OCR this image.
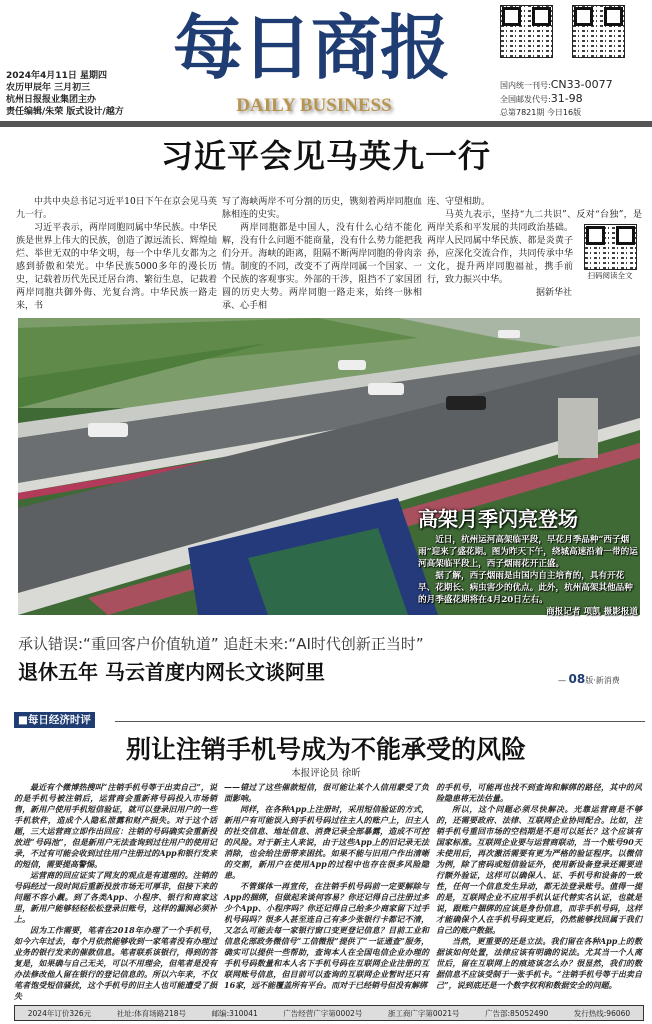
2024年4月11日 星期四
农历甲辰年 三月初三
杭州日报报业集团主办
责任编辑/朱荣 版式设计/越方
每日商报
DAILY BUSINESS
国内统一刊号:CN33-0077
全国邮发代号:31-98
总第7821期 今日16版
习近平会见马英九一行

中共中央总书记习近平10日下午在京会见马英九一行。

习近平表示，两岸同胞同属中华民族。中华民族是世界上伟大的民族，创造了源远流长、辉煌灿烂、举世无双的中华文明，每一个中华儿女都为之感到骄傲和荣光。中华民族5000多年的漫长历史，记载着历代先民迁居台湾、繁衍生息，记载着两岸同胞共御外侮、光复台湾。中华民族一路走来，书

写了海峡两岸不可分割的历史，镌刻着两岸同胞血脉相连的史实。

两岸同胞都是中国人，没有什么心结不能化解，没有什么问题不能商量，没有什么势力能把我们分开。海峡的距离，阻隔不断两岸同胞的骨肉亲情。制度的不同，改变不了两岸同属一个国家、一个民族的客观事实。外部的干涉，阻挡不了家国团圆的历史大势。两岸同胞一路走来，始终一脉相承、心手相

扫码阅读全文

连、守望相助。

马英九表示，坚持“九二共识”、反对“台独”，是两岸关系和平发展的共同政治基础。两岸人民同属中华民族、都是炎黄子孙，应深化交流合作，共同传承中华文化，提升两岸同胞福祉，携手前行，致力振兴中华。

据新华社
高架月季闪亮登场

近日，杭州运河高架临平段，早花月季品种“西子烟雨”迎来了盛花期。图为昨天下午，绕城高速沿着一带的运河高架临平段上，西子烟雨花开正盛。

据了解，西子烟雨是由国内自主培育的，具有开花早、花期长、病虫害少的优点。此外，杭州高架其他品种的月季盛花期将在4月20日左右。

商报记者 项凯 摄影报道
承认错误:“重回客户价值轨道” 追赶未来:“AI时代创新正当时”
退休五年 马云首度内网长文谈阿里	— 08版·新消费
■每日经济时评
别让注销手机号成为不能承受的风险
本报评论员 徐昕

最近有个微博热搜叫“注销手机号等于出卖自己”，说的是手机号被注销后，运营商会重新将号码投入市场销售，新用户使用手机短信验证，就可以登录旧用户的一些手机软件，造成个人隐私泄露和财产损失。对于这个话题，三大运营商立即作出回应：注销的号码确实会重新投放进“号码池”，但是新用户无法查询到过往用户的使用记录，不过有可能会收到过往用户注册过的App和银行发来的短信，需要提高警惕。

运营商的回应证实了网友的观点是有道理的。注销的号码经过一段时间后重新投放市场无可厚非，但接下来的问题不容小觑。到了各类App、小程序、银行和商家这里，新用户能够轻轻松松登录旧账号，这样的漏洞必须补上。

因为工作需要，笔者在2018年办理了一个手机号，如今六年过去，每个月依然能够收到一家笔者没有办理过业务的银行发来的催款信息。笔者联系该银行，得到的答复是，如果确与自己无关，可以不用理会，但笔者是没有办法修改他人留在银行的登记信息的。所以六年来，不仅笔者饱受短信骚扰，这个手机号的旧主人也可能遭受了损失

——错过了这些催款短信，很可能让某个人信用蒙受了负面影响。

同样，在各种App上注册时，采用短信验证的方式，新用户有可能误入到手机号码过往主人的账户上，旧主人的社交信息、地址信息、消费记录全部暴露，造成不可控的风险。对于新主人来说，由于这些App上的旧记录无法消除，也会给注册带来困扰。如果不能与旧用户作出清晰的交割，新用户在使用App的过程中也存在很多风险隐患。

不管媒体一再宣传，在注销手机号码前一定要解除与App的捆绑，但做起来谈何容易？你还记得自己注册过多少个App、小程序吗？你还记得自己给多少商家留下过手机号码吗？很多人甚至连自己有多少张银行卡都记不清，又怎么可能去每一家银行窗口变更登记信息？目前工业和信息化部政务微信号“工信微报”提供了“一证通查”服务，确实可以提供一些帮助，查询本人在全国电信企业办理的手机号码数量和本人名下手机号码在互联网企业注册的互联网账号信息，但目前可以查询的互联网企业暂时还只有16家，远不能覆盖所有平台。而对于已经销号但没有解绑

的手机号，可能再也找不到查询和解绑的路径，其中的风险隐患将无法估量。

所以，这个问题必须尽快解决。光靠运营商是不够的，还需要政府、法律、互联网企业协同配合。比如，注销手机号重回市场的空档期是不是可以延长？这个应该有国家标准。互联网企业要与运营商联动，当一个账号90天未使用后，再次激活需要有更为严格的验证程序。以微信为例，除了密码或短信验证外，使用新设备登录还需要进行额外验证，这样可以确保人、证、手机号和设备的一致性，任何一个信息发生异动，都无法登录账号。值得一提的是，互联网企业不应用手机认证代替实名认证，也就是说，跟账户捆绑的应该是身份信息，而非手机号码，这样才能确保个人在手机号码变更后，仍然能够找回属于我们自己的账户数据。

当然，更重要的还是立法。我们留在各种App上的数据该如何处置，法律应该有明确的说法。尤其当一个人离世后，留在互联网上的痕迹该怎么办？很显然，我们的数据信息不应该受制于一张手机卡。“注销手机号等于出卖自己”，说到底还是一个数字权利和数据安全的问题。

2024年订价326元	社址:体育场路218号	邮编:310041	广告经营广字第0002号	浙工商广字第0021号	广告部:85052490	发行热线:96060
